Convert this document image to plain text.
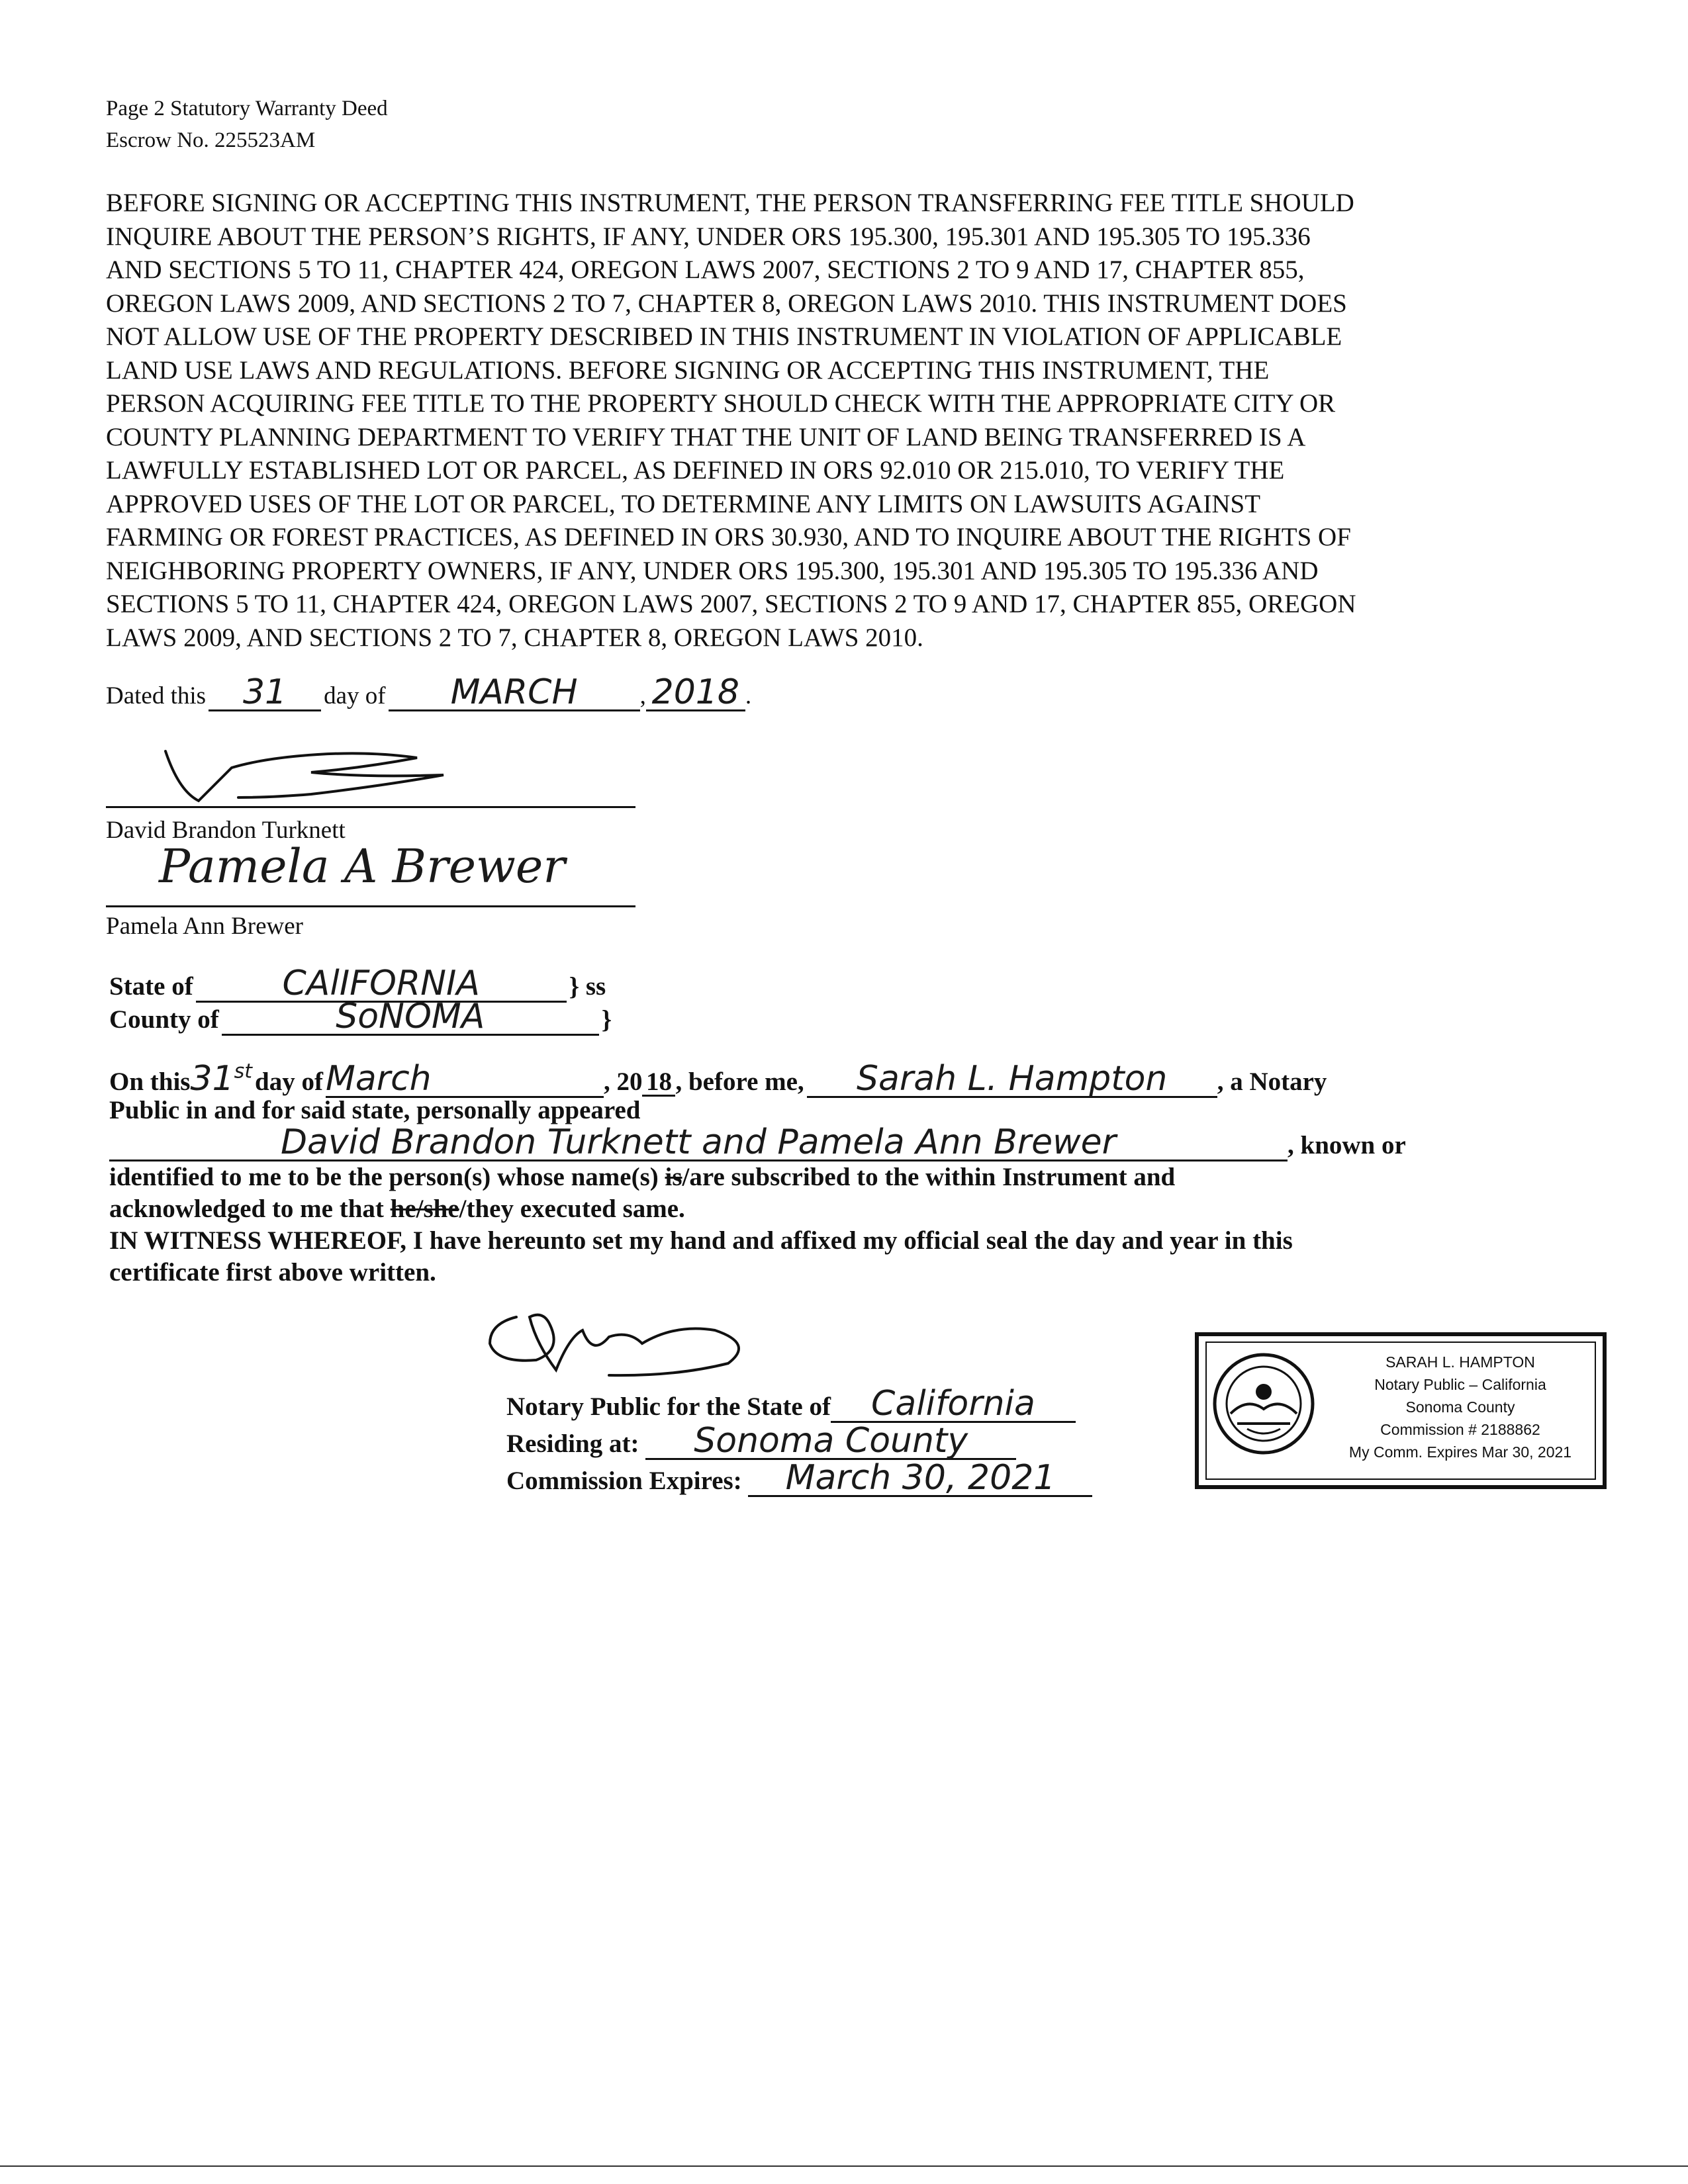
Page 2 Statutory Warranty Deed
Escrow No. 225523AM
BEFORE SIGNING OR ACCEPTING THIS INSTRUMENT, THE PERSON TRANSFERRING FEE TITLE SHOULD
INQUIRE ABOUT THE PERSON’S RIGHTS, IF ANY, UNDER ORS 195.300, 195.301 AND 195.305 TO 195.336
AND SECTIONS 5 TO 11, CHAPTER 424, OREGON LAWS 2007, SECTIONS 2 TO 9 AND 17, CHAPTER 855,
OREGON LAWS 2009, AND SECTIONS 2 TO 7, CHAPTER 8, OREGON LAWS 2010. THIS INSTRUMENT DOES
NOT ALLOW USE OF THE PROPERTY DESCRIBED IN THIS INSTRUMENT IN VIOLATION OF APPLICABLE
LAND USE LAWS AND REGULATIONS. BEFORE SIGNING OR ACCEPTING THIS INSTRUMENT, THE
PERSON ACQUIRING FEE TITLE TO THE PROPERTY SHOULD CHECK WITH THE APPROPRIATE CITY OR
COUNTY PLANNING DEPARTMENT TO VERIFY THAT THE UNIT OF LAND BEING TRANSFERRED IS A
LAWFULLY ESTABLISHED LOT OR PARCEL, AS DEFINED IN ORS 92.010 OR 215.010, TO VERIFY THE
APPROVED USES OF THE LOT OR PARCEL, TO DETERMINE ANY LIMITS ON LAWSUITS AGAINST
FARMING OR FOREST PRACTICES, AS DEFINED IN ORS 30.930, AND TO INQUIRE ABOUT THE RIGHTS OF
NEIGHBORING PROPERTY OWNERS, IF ANY, UNDER ORS 195.300, 195.301 AND 195.305 TO 195.336 AND
SECTIONS 5 TO 11, CHAPTER 424, OREGON LAWS 2007, SECTIONS 2 TO 9 AND 17, CHAPTER 855, OREGON
LAWS 2009, AND SECTIONS 2 TO 7, CHAPTER 8, OREGON LAWS 2010.
Dated this 31 day of MARCH	, 2018 .
David Brandon Turknett
Pamela A Brewer
Pamela Ann Brewer
State of	CAlIFORNIA	} ss
County of	SoNOMA	}
On this31st day of March	, 20 18 , before me, Sarah L. Hampton , a Notary
Public in and for said state, personally appeared
David Brandon Turknett and Pamela Ann Brewer	, known or
identified to me to be the person(s) whose name(s) is/are subscribed to the within Instrument and
acknowledged to me that he/she/they executed same.
IN WITNESS WHEREOF, I have hereunto set my hand and affixed my official seal the day and year in this
certificate first above written.
Notary Public for the State of California
Residing at: Sonoma County
Commission Expires: March 30, 2021
SARAH L. HAMPTON
Notary Public – California
Sonoma County
Commission # 2188862
My Comm. Expires Mar 30, 2021
